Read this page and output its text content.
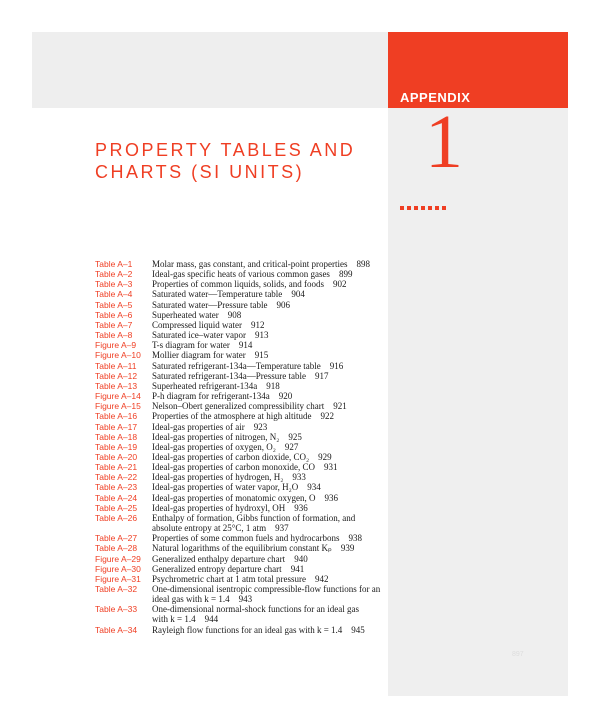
APPENDIX
1
PROPERTY TABLES AND
CHARTS (SI UNITS)
Table A–1	Molar mass, gas constant, and critical-point properties 898
Table A–2	Ideal-gas specific heats of various common gases 899
Table A–3	Properties of common liquids, solids, and foods 902
Table A–4	Saturated water—Temperature table 904
Table A–5	Saturated water—Pressure table 906
Table A–6	Superheated water 908
Table A–7	Compressed liquid water 912
Table A–8	Saturated ice–water vapor 913
Figure A–9	T-s diagram for water 914
Figure A–10	Mollier diagram for water 915
Table A–11	Saturated refrigerant-134a—Temperature table 916
Table A–12	Saturated refrigerant-134a—Pressure table 917
Table A–13	Superheated refrigerant-134a 918
Figure A–14	P-h diagram for refrigerant-134a 920
Figure A–15	Nelson–Obert generalized compressibility chart 921
Table A–16	Properties of the atmosphere at high altitude 922
Table A–17	Ideal-gas properties of air 923
Table A–18	Ideal-gas properties of nitrogen, N₂ 925
Table A–19	Ideal-gas properties of oxygen, O₂ 927
Table A–20	Ideal-gas properties of carbon dioxide, CO₂ 929
Table A–21	Ideal-gas properties of carbon monoxide, CO 931
Table A–22	Ideal-gas properties of hydrogen, H₂ 933
Table A–23	Ideal-gas properties of water vapor, H₂O 934
Table A–24	Ideal-gas properties of monatomic oxygen, O 936
Table A–25	Ideal-gas properties of hydroxyl, OH 936
Table A–26	Enthalpy of formation, Gibbs function of formation, and
absolute entropy at 25°C, 1 atm 937
Table A–27	Properties of some common fuels and hydrocarbons 938
Table A–28	Natural logarithms of the equilibrium constant Kₚ 939
Figure A–29	Generalized enthalpy departure chart 940
Figure A–30	Generalized entropy departure chart 941
Figure A–31	Psychrometric chart at 1 atm total pressure 942
Table A–32	One-dimensional isentropic compressible-flow functions for an
ideal gas with k = 1.4 943
Table A–33	One-dimensional normal-shock functions for an ideal gas
with k = 1.4 944
Table A–34	Rayleigh flow functions for an ideal gas with k = 1.4 945
897
